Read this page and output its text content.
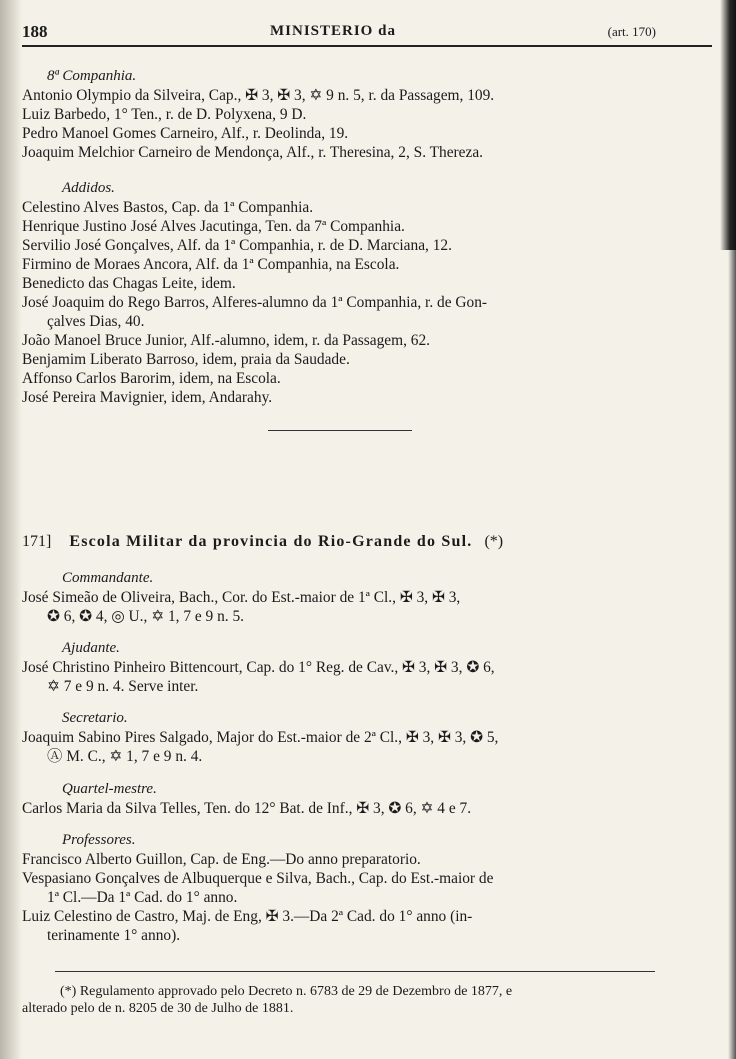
188	MINISTERIO da	(art. 170)
8ª Companhia.
Antonio Olympio da Silveira, Cap., ✠ 3, ✠ 3, ✡ 9 n. 5, r. da Passagem, 109.
Luiz Barbedo, 1° Ten., r. de D. Polyxena, 9 D.
Pedro Manoel Gomes Carneiro, Alf., r. Deolinda, 19.
Joaquim Melchior Carneiro de Mendonça, Alf., r. Theresina, 2, S. Thereza.
Addidos.
Celestino Alves Bastos, Cap. da 1ª Companhia.
Henrique Justino José Alves Jacutinga, Ten. da 7ª Companhia.
Servilio José Gonçalves, Alf. da 1ª Companhia, r. de D. Marciana, 12.
Firmino de Moraes Ancora, Alf. da 1ª Companhia, na Escola.
Benedicto das Chagas Leite, idem.
José Joaquim do Rego Barros, Alferes-alumno da 1ª Companhia, r. de Gon-
çalves Dias, 40.
João Manoel Bruce Junior, Alf.-alumno, idem, r. da Passagem, 62.
Benjamim Liberato Barroso, idem, praia da Saudade.
Affonso Carlos Barorim, idem, na Escola.
José Pereira Mavignier, idem, Andarahy.
171] Escola Militar da provincia do Rio-Grande do Sul. (*)
Commandante.
José Simeão de Oliveira, Bach., Cor. do Est.-maior de 1ª Cl., ✠ 3, ✠ 3,
✪ 6, ✪ 4, ◎ U., ✡ 1, 7 e 9 n. 5.
Ajudante.
José Christino Pinheiro Bittencourt, Cap. do 1° Reg. de Cav., ✠ 3, ✠ 3, ✪ 6,
✡ 7 e 9 n. 4. Serve inter.
Secretario.
Joaquim Sabino Pires Salgado, Major do Est.-maior de 2ª Cl., ✠ 3, ✠ 3, ✪ 5,
Ⓐ M. C., ✡ 1, 7 e 9 n. 4.
Quartel-mestre.
Carlos Maria da Silva Telles, Ten. do 12° Bat. de Inf., ✠ 3, ✪ 6, ✡ 4 e 7.
Professores.
Francisco Alberto Guillon, Cap. de Eng.—Do anno preparatorio.
Vespasiano Gonçalves de Albuquerque e Silva, Bach., Cap. do Est.-maior de
1ª Cl.—Da 1ª Cad. do 1° anno.
Luiz Celestino de Castro, Maj. de Eng, ✠ 3.—Da 2ª Cad. do 1° anno (in-
terinamente 1° anno).
(*) Regulamento approvado pelo Decreto n. 6783 de 29 de Dezembro de 1877, e
alterado pelo de n. 8205 de 30 de Julho de 1881.
